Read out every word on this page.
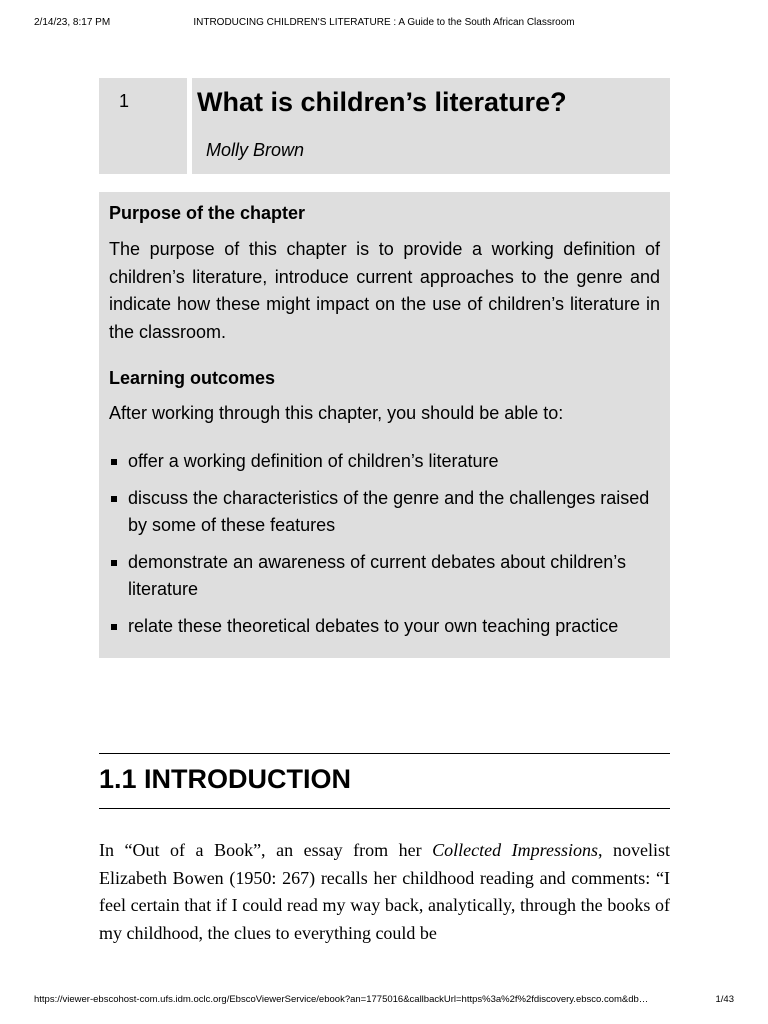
2/14/23, 8:17 PM	INTRODUCING CHILDREN'S LITERATURE : A Guide to the South African Classroom
1	What is children’s literature?
Molly Brown
Purpose of the chapter
The purpose of this chapter is to provide a working definition of children’s literature, introduce current approaches to the genre and indicate how these might impact on the use of children’s literature in the classroom.
Learning outcomes
After working through this chapter, you should be able to:
offer a working definition of children’s literature
discuss the characteristics of the genre and the challenges raised by some of these features
demonstrate an awareness of current debates about children’s literature
relate these theoretical debates to your own teaching practice
1.1 INTRODUCTION
In “Out of a Book”, an essay from her Collected Impressions, novelist Elizabeth Bowen (1950: 267) recalls her childhood reading and comments: “I feel certain that if I could read my way back, analytically, through the books of my childhood, the clues to everything could be
https://viewer-ebscohost-com.ufs.idm.oclc.org/EbscoViewerService/ebook?an=1775016&callbackUrl=https%3a%2f%2fdiscovery.ebsco.com&db…	1/43
